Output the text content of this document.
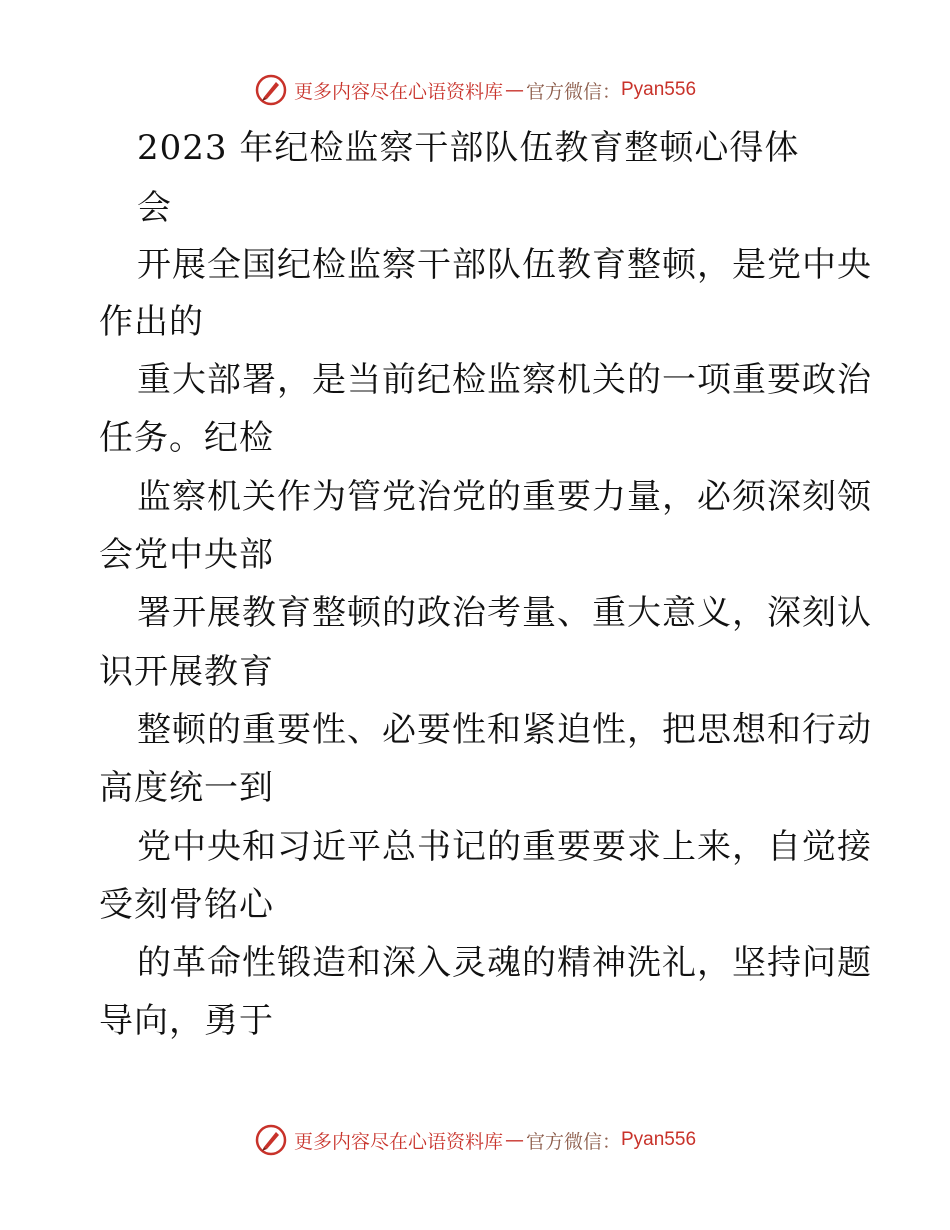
更多内容尽在心语资料库 — 官方微信： Pyan556
2023 年纪检监察干部队伍教育整顿心得体
会
开展全国纪检监察干部队伍教育整顿，是党中央
作出的
重大部署，是当前纪检监察机关的一项重要政治
任务。纪检
监察机关作为管党治党的重要力量，必须深刻领
会党中央部
署开展教育整顿的政治考量、重大意义，深刻认
识开展教育
整顿的重要性、必要性和紧迫性，把思想和行动
高度统一到
党中央和习近平总书记的重要要求上来，自觉接
受刻骨铭心
的革命性锻造和深入灵魂的精神洗礼，坚持问题
导向，勇于
更多内容尽在心语资料库 — 官方微信： Pyan556
